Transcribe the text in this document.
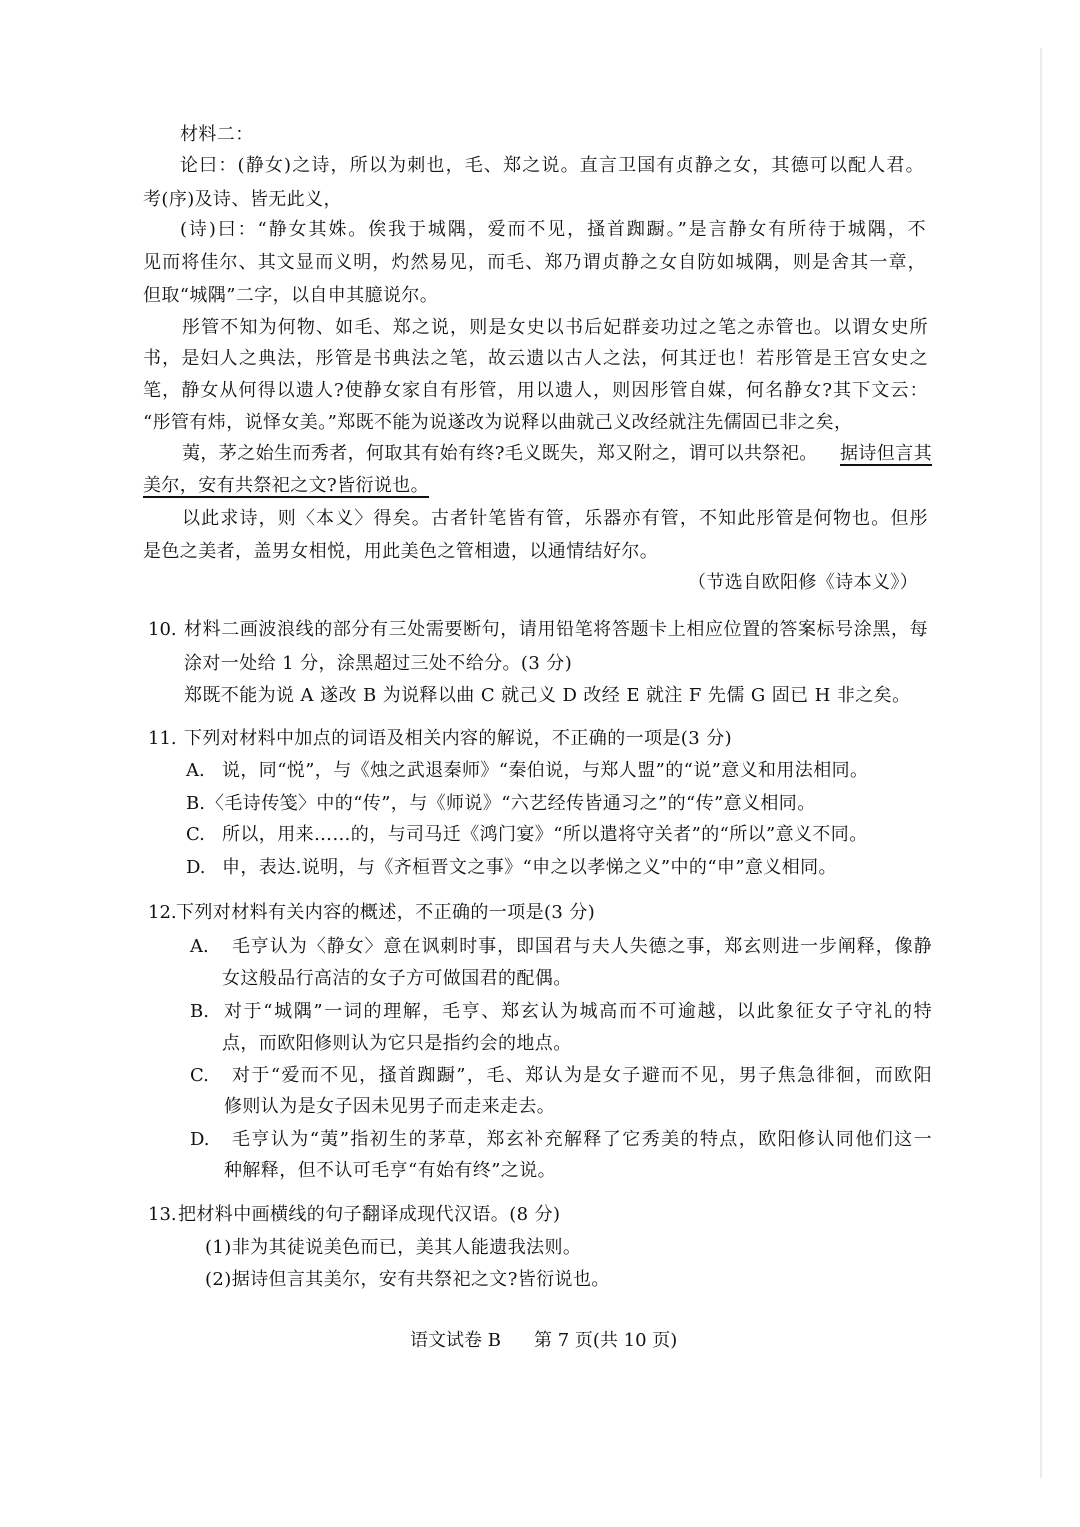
材料二：
论曰：(静女)之诗，所以为刺也，毛、郑之说。直言卫国有贞静之女，其德可以配人君。
考(序)及诗、皆无此义，
(诗)曰：“静女其姝。俟我于城隅，爱而不见，搔首踟蹰。”是言静女有所待于城隅，不
见而将佳尔、其文显而义明，灼然易见，而毛、郑乃谓贞静之女自防如城隅，则是舍其一章，
但取“城隅”二字，以自申其臆说尔。
彤管不知为何物、如毛、郑之说，则是女史以书后妃群妾功过之笔之赤管也。以谓女史所
书，是妇人之典法，彤管是书典法之笔，故云遗以古人之法，何其迂也！若彤管是王宫女史之
笔，静女从何得以遗人?使静女家自有彤管，用以遗人，则因彤管自媒，何名静女?其下文云：
“彤管有炜，说怿女美。”郑既不能为说遂改为说释以曲就己义改经就注先儒固已非之矣，
荑，茅之始生而秀者，何取其有始有终?毛义既失，郑又附之，谓可以共祭祀。 据诗但言其
美尔，安有共祭祀之文?皆衍说也。
以此求诗，则〈本义〉得矣。古者针笔皆有管，乐器亦有管，不知此彤管是何物也。但彤
是色之美者，盖男女相悦，用此美色之管相遗，以通情结好尔。
（节选自欧阳修《诗本义》）
10. 材料二画波浪线的部分有三处需要断句，请用铅笔将答题卡上相应位置的答案标号涂黑，每
涂对一处给 1 分，涂黑超过三处不给分。(3 分)
郑既不能为说 A 遂改 B 为说释以曲 C 就己义 D 改经 E 就注 F 先儒 G 固已 H 非之矣。
11. 下列对材料中加点的词语及相关内容的解说，不正确的一项是(3 分)
A. 说，同“悦”，与《烛之武退秦师》“秦伯说，与郑人盟”的“说”意义和用法相同。
B. 〈毛诗传笺〉中的“传”，与《师说》“六艺经传皆通习之”的“传”意义相同。
C. 所以，用来……的，与司马迁《鸿门宴》“所以遣将守关者”的“所以”意义不同。
D. 申，表达.说明，与《齐桓晋文之事》“申之以孝悌之义”中的“申”意义相同。
12. 下列对材料有关内容的概述，不正确的一项是(3 分)
A. 毛亨认为〈静女〉意在讽刺时事，即国君与夫人失德之事，郑玄则进一步阐释，像静
女这般品行高洁的女子方可做国君的配偶。
B. 对于“城隅”一词的理解，毛亨、郑玄认为城高而不可逾越，以此象征女子守礼的特
点，而欧阳修则认为它只是指约会的地点。
C. 对于“爱而不见，搔首踟蹰”，毛、郑认为是女子避而不见，男子焦急徘徊，而欧阳
修则认为是女子因未见男子而走来走去。
D. 毛亨认为“荑”指初生的茅草，郑玄补充解释了它秀美的特点，欧阳修认同他们这一
种解释，但不认可毛亨“有始有终”之说。
13. 把材料中画横线的句子翻译成现代汉语。(8 分)
(1)非为其徒说美色而已，美其人能遗我法则。
(2)据诗但言其美尔，安有共祭祀之文?皆衍说也。
语文试卷 B 第 7 页(共 10 页)
